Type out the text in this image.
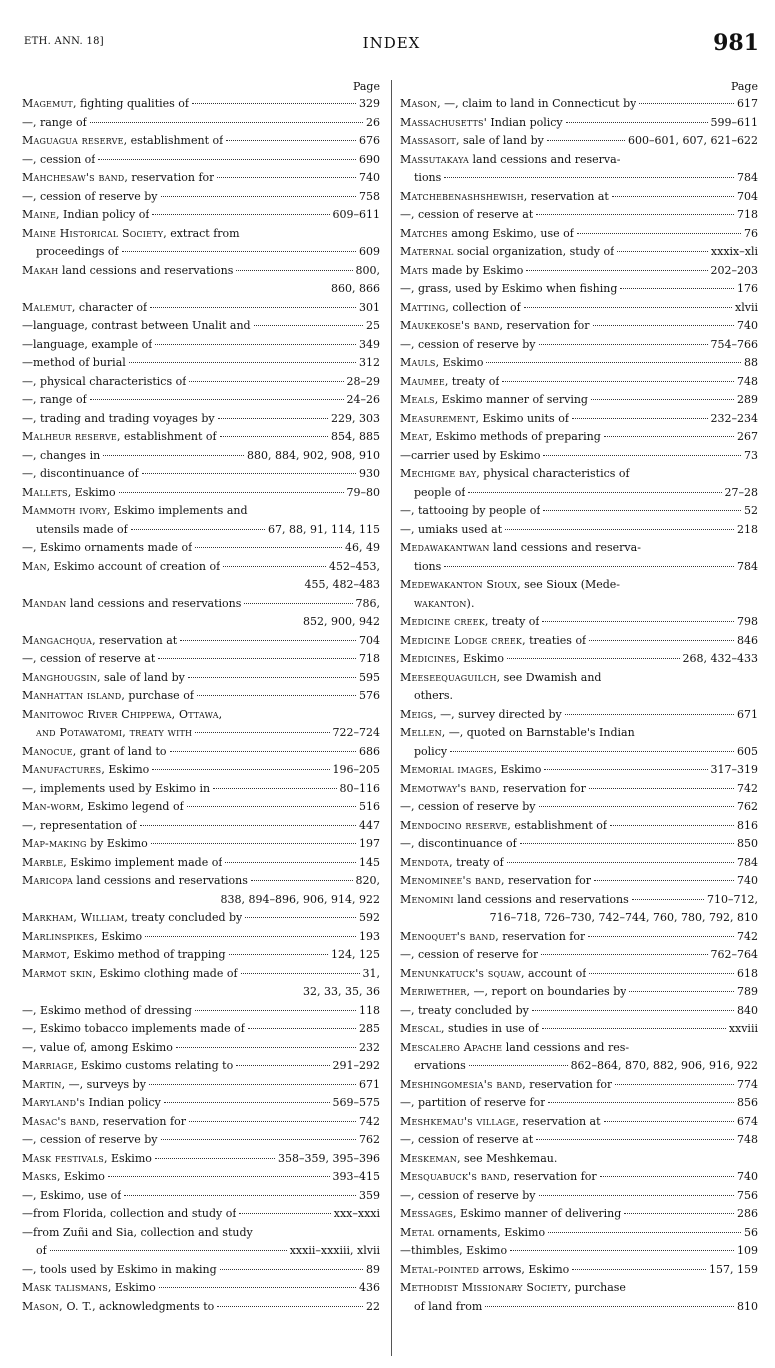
ETH. ANN. 18]	INDEX	981
Page
Magemut, fighting qualities of	329
—, range of	26
Maguagua reserve, establishment of	676
—, cession of	690
Mahchesaw's band, reservation for	740
—, cession of reserve by	758
Maine, Indian policy of	609–611
Maine Historical Society, extract from
proceedings of	609
Makah land cessions and reservations	800,
860, 866
Malemut, character of	301
—language, contrast between Unalit and	25
—language, example of	349
—method of burial	312
—, physical characteristics of	28–29
—, range of	24–26
—, trading and trading voyages by	229, 303
Malheur reserve, establishment of	854, 885
—, changes in	880, 884, 902, 908, 910
—, discontinuance of	930
Mallets, Eskimo	79–80
Mammoth ivory, Eskimo implements and
utensils made of	67, 88, 91, 114, 115
—, Eskimo ornaments made of	46, 49
Man, Eskimo account of creation of	452–453,
455, 482–483
Mandan land cessions and reservations	786,
852, 900, 942
Mangachqua, reservation at	704
—, cession of reserve at	718
Manghougsin, sale of land by	595
Manhattan island, purchase of	576
Manitowoc River Chippewa, Ottawa,
and Potawatomi, treaty with	722–724
Manocue, grant of land to	686
Manufactures, Eskimo	196–205
—, implements used by Eskimo in	80–116
Man-worm, Eskimo legend of	516
—, representation of	447
Map-making by Eskimo	197
Marble, Eskimo implement made of	145
Maricopa land cessions and reservations	820,
838, 894–896, 906, 914, 922
Markham, William, treaty concluded by	592
Marlinspikes, Eskimo	193
Marmot, Eskimo method of trapping	124, 125
Marmot skin, Eskimo clothing made of	31,
32, 33, 35, 36
—, Eskimo method of dressing	118
—, Eskimo tobacco implements made of	285
—, value of, among Eskimo	232
Marriage, Eskimo customs relating to	291–292
Martin, —, surveys by	671
Maryland's Indian policy	569–575
Masac's band, reservation for	742
—, cession of reserve by	762
Mask festivals, Eskimo	358–359, 395–396
Masks, Eskimo	393–415
—, Eskimo, use of	359
—from Florida, collection and study of	xxx–xxxi
—from Zuñi and Sia, collection and study
of	xxxii–xxxiii, xlvii
—, tools used by Eskimo in making	89
Mask talismans, Eskimo	436
Mason, O. T., acknowledgments to	22
Page
Mason, —, claim to land in Connecticut by	617
Massachusetts' Indian policy	599–611
Massasoit, sale of land by	600–601, 607, 621–622
Massutakaya land cessions and reserva-
tions	784
Matchebenashshewish, reservation at	704
—, cession of reserve at	718
Matches among Eskimo, use of	76
Maternal social organization, study of	xxxix–xli
Mats made by Eskimo	202–203
—, grass, used by Eskimo when fishing	176
Matting, collection of	xlvii
Maukekose's band, reservation for	740
—, cession of reserve by	754–766
Mauls, Eskimo	88
Maumee, treaty of	748
Meals, Eskimo manner of serving	289
Measurement, Eskimo units of	232–234
Meat, Eskimo methods of preparing	267
—carrier used by Eskimo	73
Mechigme bay, physical characteristics of
people of	27–28
—, tattooing by people of	52
—, umiaks used at	218
Medawakantwan land cessions and reserva-
tions	784
Medewakanton Sioux, see Sioux (Mede-
wakanton).
Medicine creek, treaty of	798
Medicine Lodge creek, treaties of	846
Medicines, Eskimo	268, 432–433
Meeseequaguilch, see Dwamish and
others.
Meigs, —, survey directed by	671
Mellen, —, quoted on Barnstable's Indian
policy	605
Memorial images, Eskimo	317–319
Memotway's band, reservation for	742
—, cession of reserve by	762
Mendocino reserve, establishment of	816
—, discontinuance of	850
Mendota, treaty of	784
Menominee's band, reservation for	740
Menomini land cessions and reservations	710–712,
716–718, 726–730, 742–744, 760, 780, 792, 810
Menoquet's band, reservation for	742
—, cession of reserve for	762–764
Menunkatuck's squaw, account of	618
Meriwether, —, report on boundaries by	789
—, treaty concluded by	840
Mescal, studies in use of	xxviii
Mescalero Apache land cessions and res-
ervations	862–864, 870, 882, 906, 916, 922
Meshingomesia's band, reservation for	774
—, partition of reserve for	856
Meshkemau's village, reservation at	674
—, cession of reserve at	748
Meskeman, see Meshkemau.
Mesquabuck's band, reservation for	740
—, cession of reserve by	756
Messages, Eskimo manner of delivering	286
Metal ornaments, Eskimo	56
—thimbles, Eskimo	109
Metal-pointed arrows, Eskimo	157, 159
Methodist Missionary Society, purchase
of land from	810
